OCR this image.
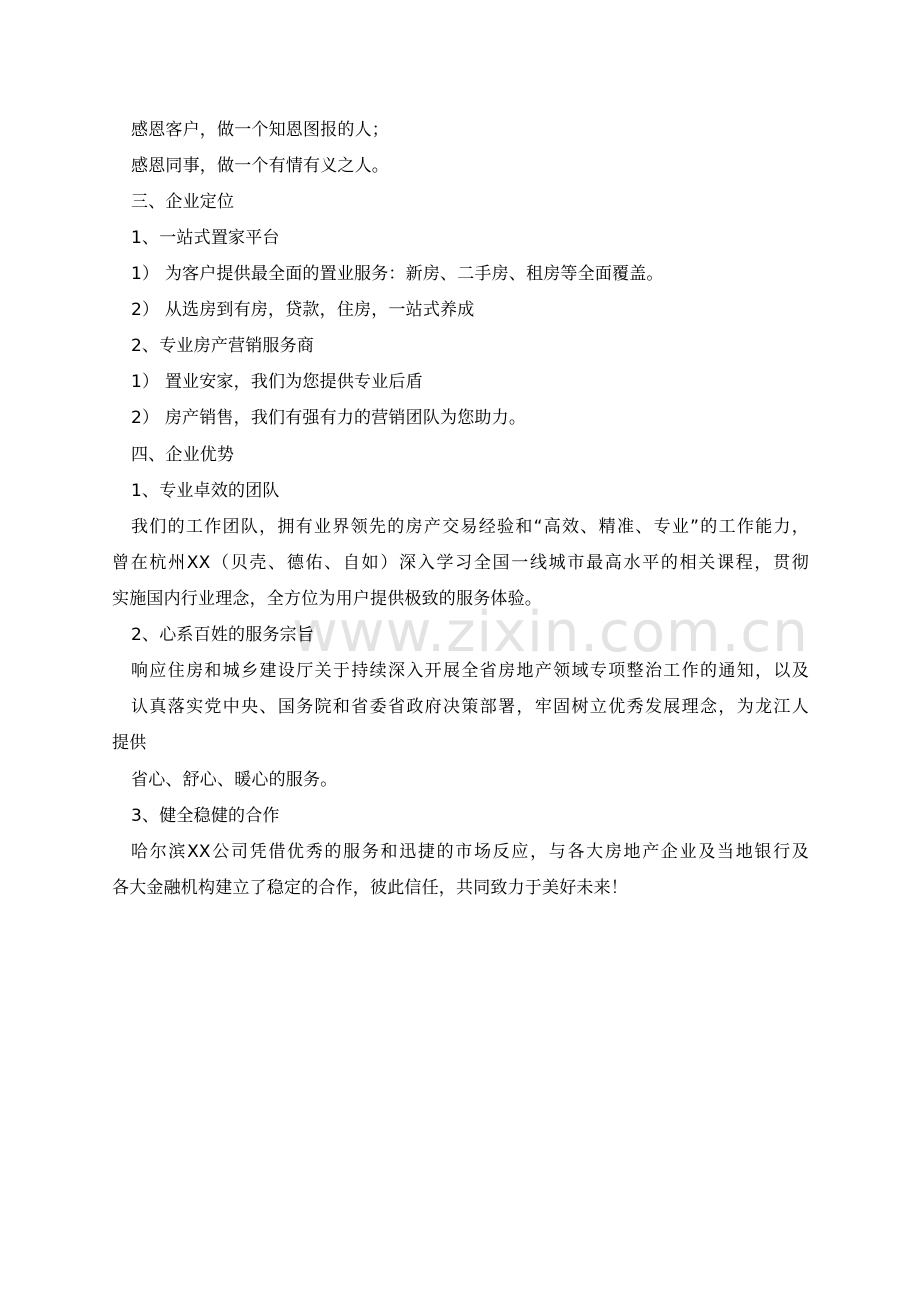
www.zixin.com.cn
感恩客户，做一个知恩图报的人；
感恩同事，做一个有情有义之人。
三、企业定位
1、一站式置家平台
1） 为客户提供最全面的置业服务：新房、二手房、租房等全面覆盖。
2） 从选房到有房，贷款，住房，一站式养成
2、专业房产营销服务商
1） 置业安家，我们为您提供专业后盾
2） 房产销售，我们有强有力的营销团队为您助力。
四、企业优势
1、专业卓效的团队
我们的工作团队，拥有业界领先的房产交易经验和“高效、精准、专业”的工作能力，
曾在杭州XX（贝壳、德佑、自如）深入学习全国一线城市最高水平的相关课程，贯彻
实施国内行业理念，全方位为用户提供极致的服务体验。
2、心系百姓的服务宗旨
响应住房和城乡建设厅关于持续深入开展全省房地产领域专项整治工作的通知，以及
认真落实党中央、国务院和省委省政府决策部署，牢固树立优秀发展理念，为龙江人
提供
省心、舒心、暖心的服务。
3、健全稳健的合作
哈尔滨XX公司凭借优秀的服务和迅捷的市场反应，与各大房地产企业及当地银行及
各大金融机构建立了稳定的合作，彼此信任，共同致力于美好未来！
